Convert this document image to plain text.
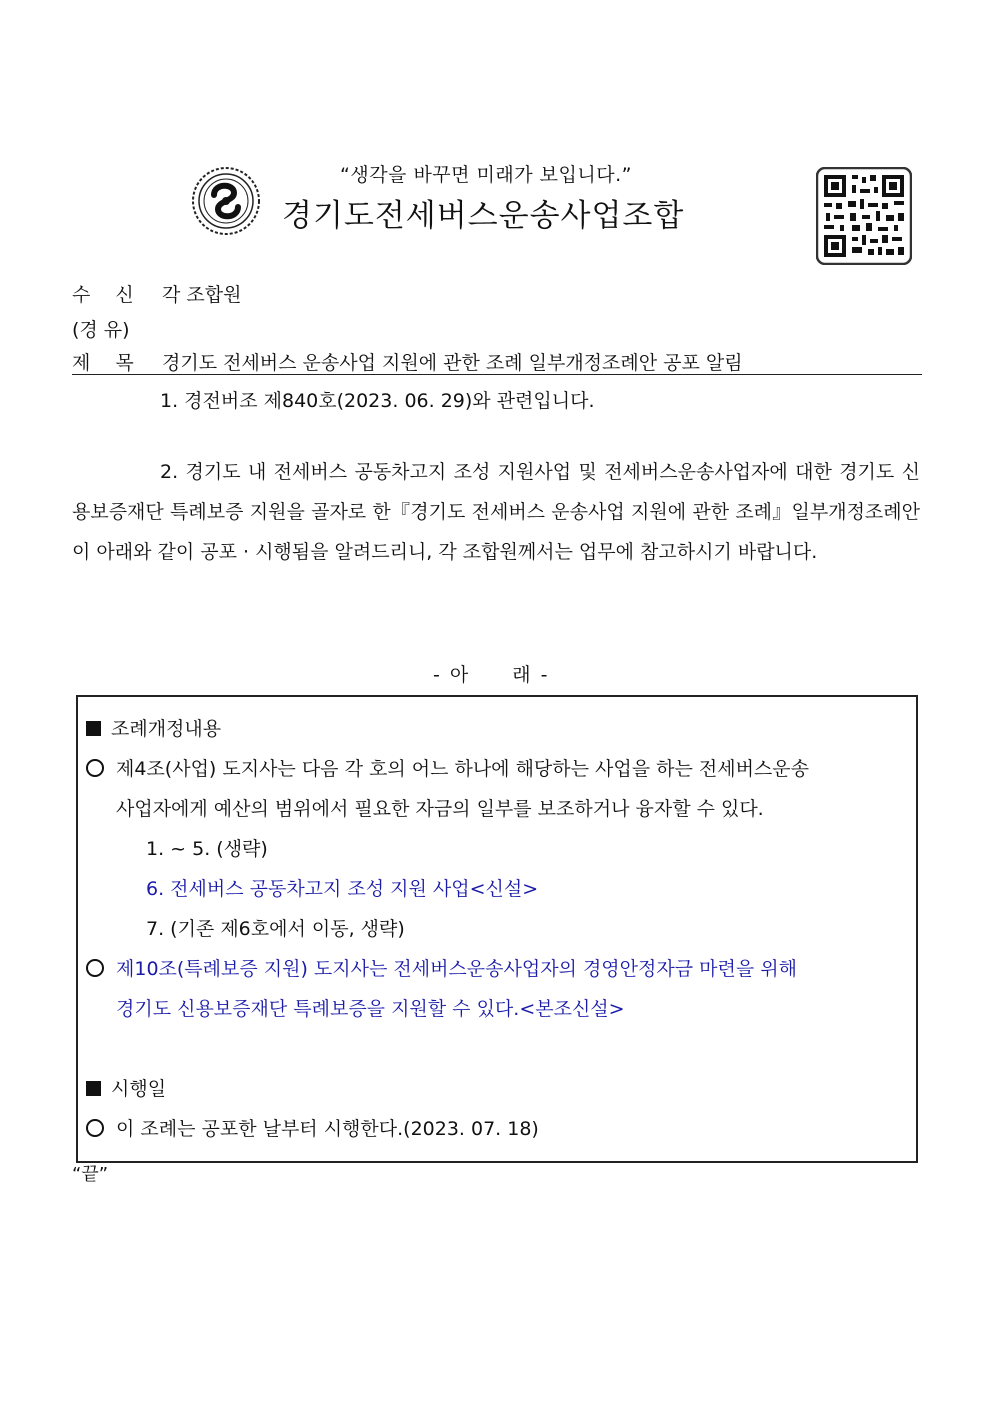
“생각을 바꾸면 미래가 보입니다.”
경기도전세버스운송사업조합
수　 신 각 조합원
(경 유)
제　 목 경기도 전세버스 운송사업 지원에 관한 조례 일부개정조례안 공포 알림
1. 경전버조 제840호(2023. 06. 29)와 관련입니다.
2. 경기도 내 전세버스 공동차고지 조성 지원사업 및 전세버스운송사업자에 대한 경기도 신용보증재단 특례보증 지원을 골자로 한『경기도 전세버스 운송사업 지원에 관한 조례』일부개정조례안이 아래와 같이 공포 · 시행됨을 알려드리니, 각 조합원께서는 업무에 참고하시기 바랍니다.
- 아　　래 -
조례개정내용
제4조(사업) 도지사는 다음 각 호의 어느 하나에 해당하는 사업을 하는 전세버스운송
사업자에게 예산의 범위에서 필요한 자금의 일부를 보조하거나 융자할 수 있다.
1. ~ 5. (생략)
6. 전세버스 공동차고지 조성 지원 사업<신설>
7. (기존 제6호에서 이동, 생략)
제10조(특례보증 지원) 도지사는 전세버스운송사업자의 경영안정자금 마련을 위해
경기도 신용보증재단 특례보증을 지원할 수 있다.<본조신설>
시행일
이 조례는 공포한 날부터 시행한다.(2023. 07. 18)
“끝”
